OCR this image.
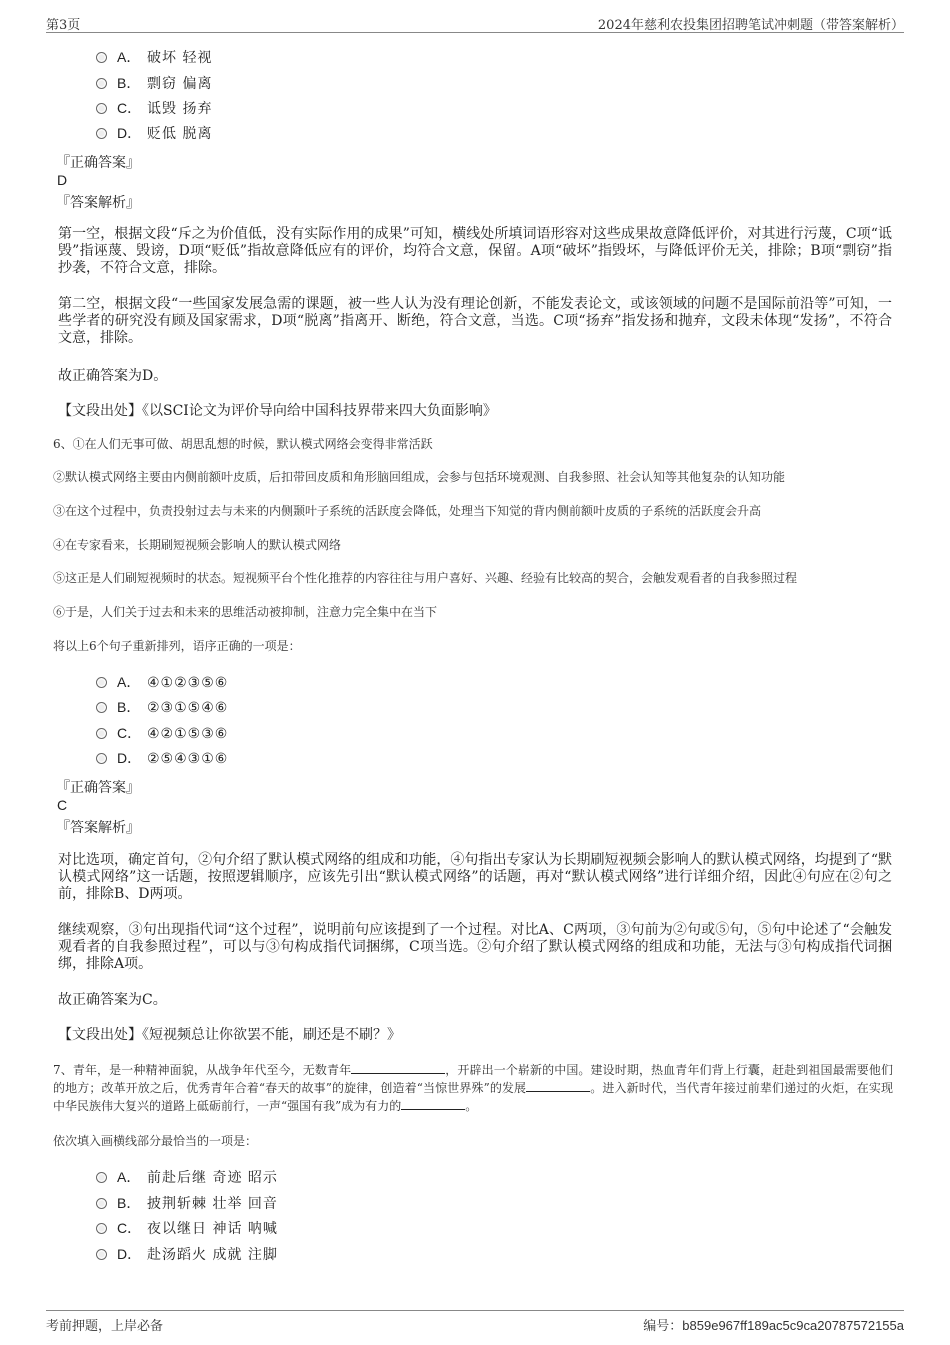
第3页	2024年慈利农投集团招聘笔试冲刺题（带答案解析）
A． 破坏 轻视
B． 剽窃 偏离
C． 诋毁 扬弃
D． 贬低 脱离
『正确答案』
D
『答案解析』
第一空，根据文段“斥之为价值低，没有实际作用的成果”可知，横线处所填词语形容对这些成果故意降低评价，对其进行污蔑，C项“诋毁”指诬蔑、毁谤，D项“贬低”指故意降低应有的评价，均符合文意，保留。A项“破坏”指毁坏，与降低评价无关，排除；B项“剽窃”指抄袭，不符合文意，排除。
第二空，根据文段“一些国家发展急需的课题，被一些人认为没有理论创新，不能发表论文，或该领域的问题不是国际前沿等”可知，一些学者的研究没有顾及国家需求，D项“脱离”指离开、断绝，符合文意，当选。C项“扬弃”指发扬和抛弃，文段未体现“发扬”，不符合文意，排除。
故正确答案为D。
【文段出处】《以SCI论文为评价导向给中国科技界带来四大负面影响》
6、①在人们无事可做、胡思乱想的时候，默认模式网络会变得非常活跃
②默认模式网络主要由内侧前额叶皮质，后扣带回皮质和角形脑回组成，会参与包括环境观测、自我参照、社会认知等其他复杂的认知功能
③在这个过程中，负责投射过去与未来的内侧颞叶子系统的活跃度会降低，处理当下知觉的背内侧前额叶皮质的子系统的活跃度会升高
④在专家看来，长期刷短视频会影响人的默认模式网络
⑤这正是人们刷短视频时的状态。短视频平台个性化推荐的内容往往与用户喜好、兴趣、经验有比较高的契合，会触发观看者的自我参照过程
⑥于是，人们关于过去和未来的思维活动被抑制，注意力完全集中在当下
将以上6个句子重新排列，语序正确的一项是：
A． ④①②③⑤⑥
B． ②③①⑤④⑥
C． ④②①⑤③⑥
D． ②⑤④③①⑥
『正确答案』
C
『答案解析』
对比选项，确定首句，②句介绍了默认模式网络的组成和功能，④句指出专家认为长期刷短视频会影响人的默认模式网络，均提到了“默认模式网络”这一话题，按照逻辑顺序，应该先引出“默认模式网络”的话题，再对“默认模式网络”进行详细介绍，因此④句应在②句之前，排除B、D两项。
继续观察，③句出现指代词“这个过程”，说明前句应该提到了一个过程。对比A、C两项，③句前为②句或⑤句，⑤句中论述了“会触发观看者的自我参照过程”，可以与③句构成指代词捆绑，C项当选。②句介绍了默认模式网络的组成和功能，无法与③句构成指代词捆绑，排除A项。
故正确答案为C。
【文段出处】《短视频总让你欲罢不能，刷还是不刷？》
7、青年，是一种精神面貌，从战争年代至今，无数青年	，开辟出一个崭新的中国。建设时期，热血青年们背上行囊，赶赴到祖国最需要他们的地方；改革开放之后，优秀青年合着“春天的故事”的旋律，创造着“当惊世界殊”的发展	。进入新时代，当代青年接过前辈们递过的火炬，在实现中华民族伟大复兴的道路上砥砺前行，一声“强国有我”成为有力的	。
依次填入画横线部分最恰当的一项是：
A． 前赴后继 奇迹 昭示
B． 披荆斩棘 壮举 回音
C． 夜以继日 神话 呐喊
D． 赴汤蹈火 成就 注脚
考前押题，上岸必备	编号：b859e967ff189ac5c9ca20787572155a
